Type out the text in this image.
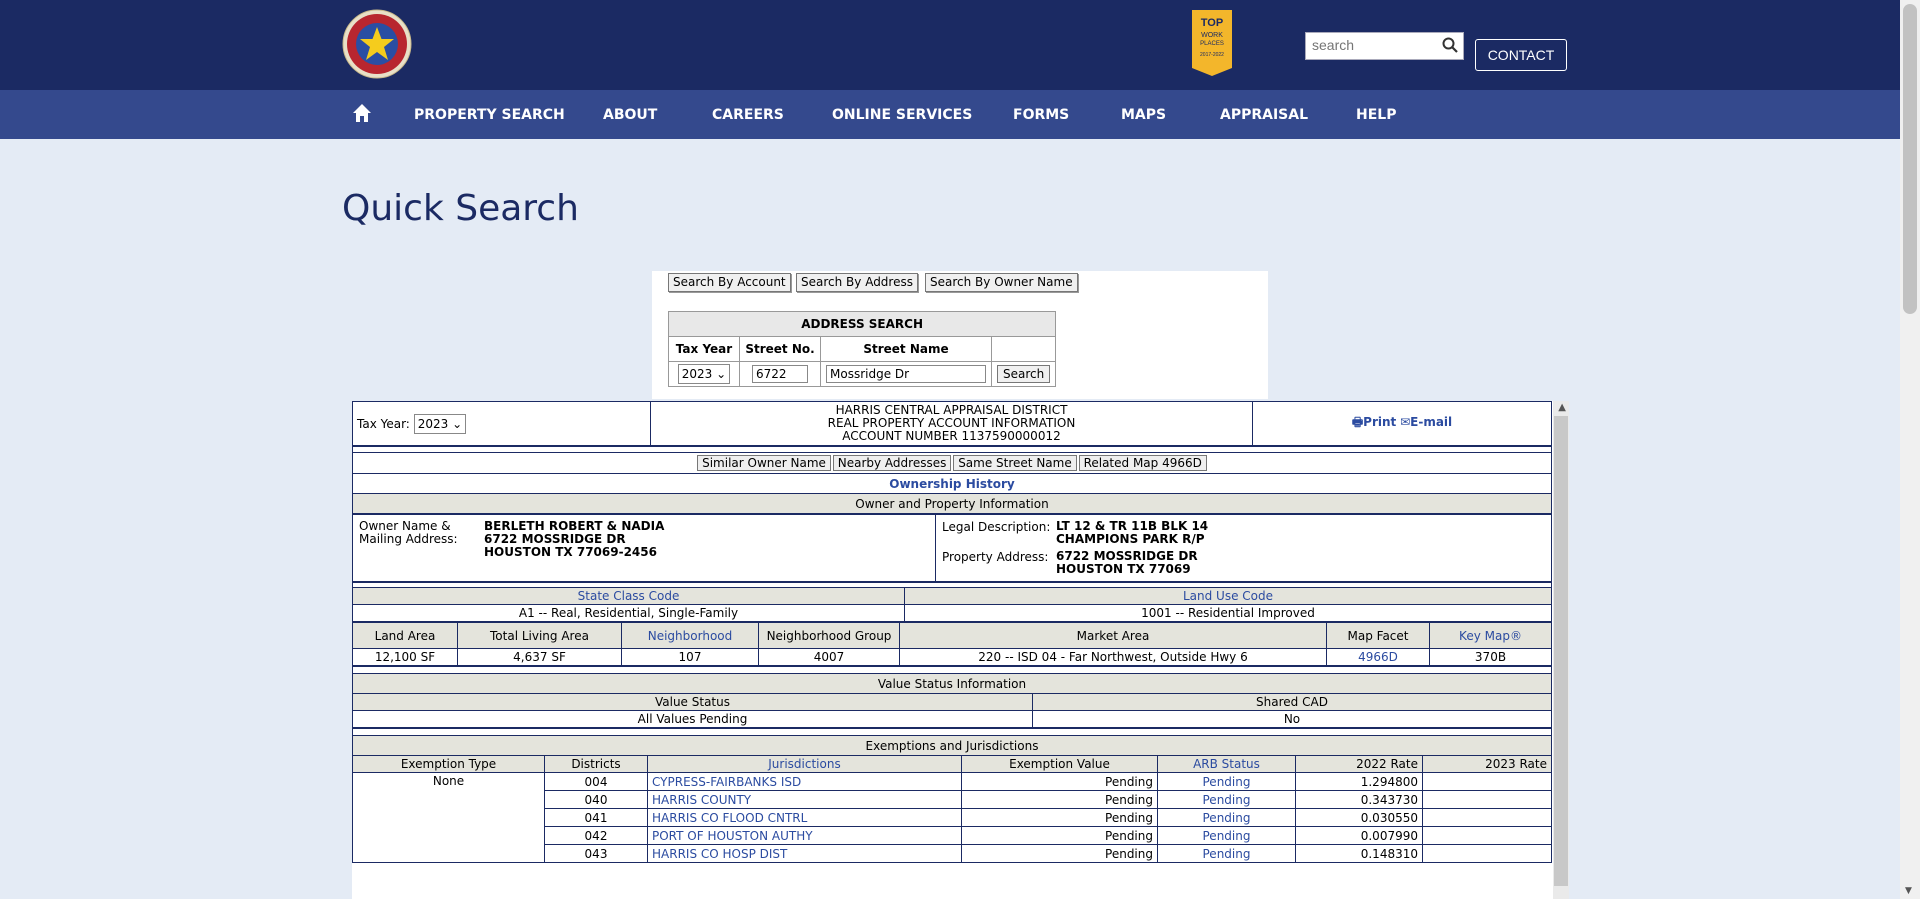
TOP
WORK
PLACES
2017-2022
search	CONTACT
PROPERTY SEARCH	ABOUT	CAREERS	ONLINE SERVICES	FORMS	MAPS	APPRAISAL	HELP
▼
Quick Search
Search By Account	Search By Address	Search By Owner Name
ADDRESS SEARCH			
Tax Year	Street No.	Street Name	
2023 ⌄	6722	Mossridge Dr	Search
Tax Year: 2023 ⌄	
HARRIS CENTRAL APPRAISAL DISTRICT
REAL PROPERTY ACCOUNT INFORMATION
ACCOUNT NUMBER 1137590000012
	🖶Print ✉E-mail

Similar Owner Name Nearby Addresses Same Street Name Related Map 4966D
Ownership History
Owner and Property Information
Owner Name &
Mailing Address:
BERLETH ROBERT & NADIA
6722 MOSSRIDGE DR
HOUSTON TX 77069-2456

Legal Description: LT 12 & TR 11B BLK 14
CHAMPIONS PARK R/P
Property Address: 6722 MOSSRIDGE DR
HOUSTON TX 77069

State Class Code	Land Use Code
A1 -- Real, Residential, Single-Family	1001 -- Residential Improved
Land Area	Total Living Area	Neighborhood	Neighborhood Group	Market Area	Map Facet	Key Map®
12,100 SF	4,637 SF	107	4007	220 -- ISD 04 - Far Northwest, Outside Hwy 6	4966D	370B

Value Status Information	
Value Status	Shared CAD
All Values Pending	No

Exemptions and Jurisdictions						
Exemption Type	Districts	Jurisdictions	Exemption Value	ARB Status	2022 Rate	2023 Rate
None	004	CYPRESS-FAIRBANKS ISD	Pending	Pending	1.294800	
	040	HARRIS COUNTY	Pending	Pending	0.343730	
	041	HARRIS CO FLOOD CNTRL	Pending	Pending	0.030550	
	042	PORT OF HOUSTON AUTHY	Pending	Pending	0.007990	
	043	HARRIS CO HOSP DIST	Pending	Pending	0.148310	
▲
